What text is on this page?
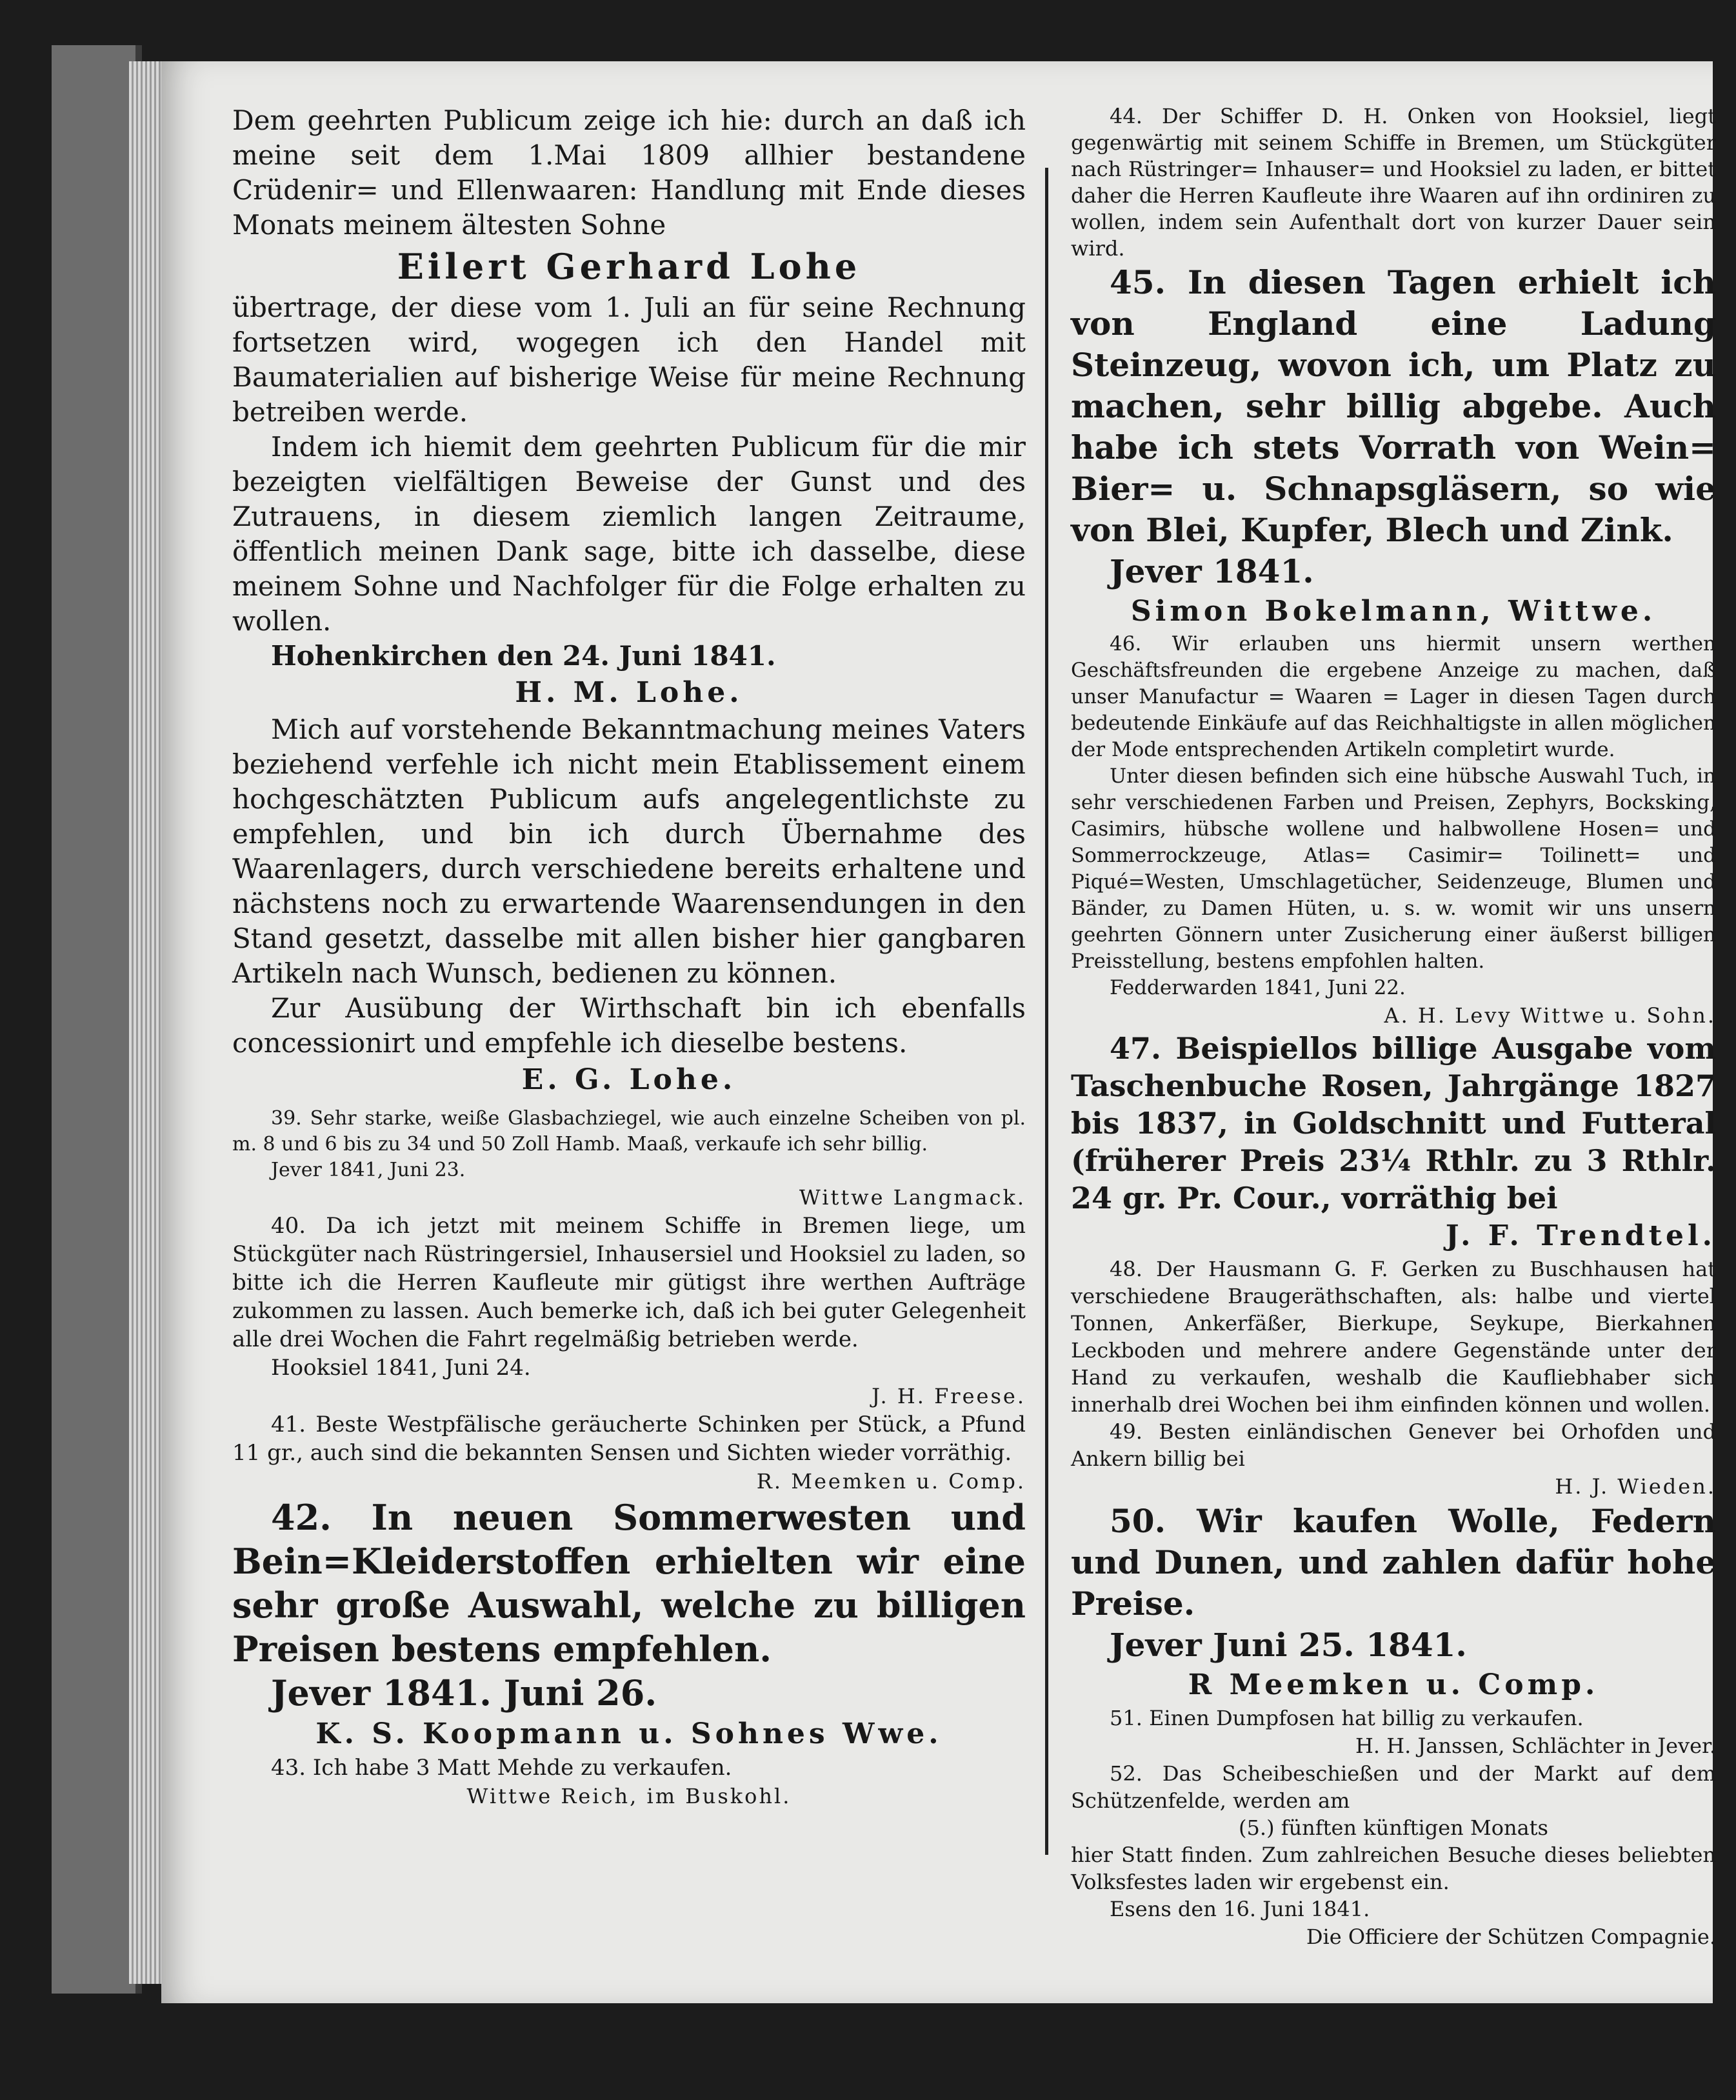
Dem geehrten Publicum zeige ich hie: durch an daß ich meine seit dem 1.Mai 1809 allhier bestandene Crüdenir= und Ellenwaaren: Handlung mit Ende dieses Monats meinem ältesten Sohne

Eilert Gerhard Lohe

übertrage, der diese vom 1. Juli an für seine Rechnung fortsetzen wird, wogegen ich den Handel mit Baumaterialien auf bisherige Weise für meine Rechnung betreiben werde.

Indem ich hiemit dem geehrten Publicum für die mir bezeigten vielfältigen Beweise der Gunst und des Zutrauens, in diesem ziemlich langen Zeitraume, öffentlich meinen Dank sage, bitte ich dasselbe, diese meinem Sohne und Nachfolger für die Folge erhalten zu wollen.

Hohenkirchen den 24. Juni 1841.

H. M. Lohe.

Mich auf vorstehende Bekanntmachung meines Vaters beziehend verfehle ich nicht mein Etablissement einem hochgeschätzten Publicum aufs angelegentlichste zu empfehlen, und bin ich durch Übernahme des Waarenlagers, durch verschiedene bereits erhaltene und nächstens noch zu erwartende Waarensendungen in den Stand gesetzt, dasselbe mit allen bisher hier gangbaren Artikeln nach Wunsch, bedienen zu können.

Zur Ausübung der Wirthschaft bin ich ebenfalls concessionirt und empfehle ich dieselbe bestens.

E. G. Lohe.

39. Sehr starke, weiße Glasbachziegel, wie auch einzelne Scheiben von pl. m. 8 und 6 bis zu 34 und 50 Zoll Hamb. Maaß, verkaufe ich sehr billig.

Jever 1841, Juni 23.

Wittwe Langmack.

40. Da ich jetzt mit meinem Schiffe in Bremen liege, um Stückgüter nach Rüstringersiel, Inhausersiel und Hooksiel zu laden, so bitte ich die Herren Kaufleute mir gütigst ihre werthen Aufträge zukommen zu lassen. Auch bemerke ich, daß ich bei guter Gelegenheit alle drei Wochen die Fahrt regelmäßig betrieben werde.

Hooksiel 1841, Juni 24.

J. H. Freese.

41. Beste Westpfälische geräucherte Schinken per Stück, a Pfund 11 gr., auch sind die bekannten Sensen und Sichten wieder vorräthig.

R. Meemken u. Comp.

42. In neuen Sommerwesten und Bein=Kleiderstoffen erhielten wir eine sehr große Auswahl, welche zu billigen Preisen bestens empfehlen.

Jever 1841. Juni 26.

K. S. Koopmann u. Sohnes Wwe.

43. Ich habe 3 Matt Mehde zu verkaufen.

Wittwe Reich, im Buskohl.

44. Der Schiffer D. H. Onken von Hooksiel, liegt gegenwärtig mit seinem Schiffe in Bremen, um Stückgüter nach Rüstringer= Inhauser= und Hooksiel zu laden, er bittet daher die Herren Kaufleute ihre Waaren auf ihn ordiniren zu wollen, indem sein Aufenthalt dort von kurzer Dauer sein wird.

45. In diesen Tagen erhielt ich von England eine Ladung Steinzeug, wovon ich, um Platz zu machen, sehr billig abgebe. Auch habe ich stets Vorrath von Wein= Bier= u. Schnapsgläsern, so wie von Blei, Kupfer, Blech und Zink.

Jever 1841.

Simon Bokelmann, Wittwe.

46. Wir erlauben uns hiermit unsern werthen Geschäftsfreunden die ergebene Anzeige zu machen, daß unser Manufactur = Waaren = Lager in diesen Tagen durch bedeutende Einkäufe auf das Reichhaltigste in allen möglichen der Mode entsprechenden Artikeln completirt wurde.

Unter diesen befinden sich eine hübsche Auswahl Tuch, in sehr verschiedenen Farben und Preisen, Zephyrs, Bocksking, Casimirs, hübsche wollene und halbwollene Hosen= und Sommerrockzeuge, Atlas= Casimir= Toilinett= und Piqué=Westen, Umschlagetücher, Seidenzeuge, Blumen und Bänder, zu Damen Hüten, u. s. w. womit wir uns unsern geehrten Gönnern unter Zusicherung einer äußerst billigen Preisstellung, bestens empfohlen halten.

Fedderwarden 1841, Juni 22.

A. H. Levy Wittwe u. Sohn.

47. Beispiellos billige Ausgabe vom Taschenbuche Rosen, Jahrgänge 1827 bis 1837, in Goldschnitt und Futteral (früherer Preis 23¼ Rthlr. zu 3 Rthlr. 24 gr. Pr. Cour., vorräthig bei

J. F. Trendtel.

48. Der Hausmann G. F. Gerken zu Buschhausen hat verschiedene Braugeräthschaften, als: halbe und viertel Tonnen, Ankerfäßer, Bierkupe, Seykupe, Bierkahnen Leckboden und mehrere andere Gegenstände unter der Hand zu verkaufen, weshalb die Kaufliebhaber sich innerhalb drei Wochen bei ihm einfinden können und wollen.

49. Besten einländischen Genever bei Orhofden und Ankern billig bei

H. J. Wieden.

50. Wir kaufen Wolle, Federn und Dunen, und zahlen dafür hohe Preise.

Jever Juni 25. 1841.

R Meemken u. Comp.

51. Einen Dumpfosen hat billig zu verkaufen.

H. H. Janssen, Schlächter in Jever.

52. Das Scheibeschießen und der Markt auf dem Schützenfelde, werden am

(5.) fünften künftigen Monats

hier Statt finden. Zum zahlreichen Besuche dieses beliebten Volksfestes laden wir ergebenst ein.

Esens den 16. Juni 1841.

Die Officiere der Schützen Compagnie.
